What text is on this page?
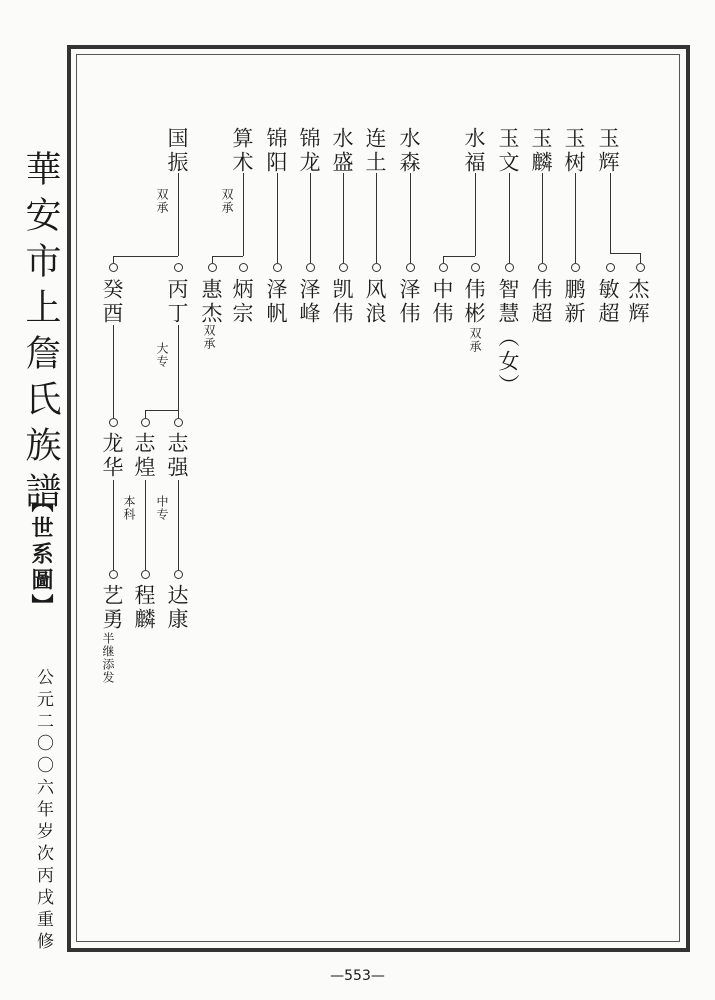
華安市上詹氏族譜
【世系圖】
公元二〇〇六年岁次丙戌重修
—553—
玉辉
玉树
玉麟
玉文
水福
水森
连土
水盛
锦龙
锦阳
算术
国振
双承
双承
杰辉
敏超
鹏新
伟超
智慧（女）
伟彬
中伟
泽伟
风浪
凯伟
泽峰
泽帆
炳宗
惠杰
丙丁
癸酉
双承
双承
大专
志强
志煌
龙华
中专
本科
达康
程麟
艺勇
半继添发
